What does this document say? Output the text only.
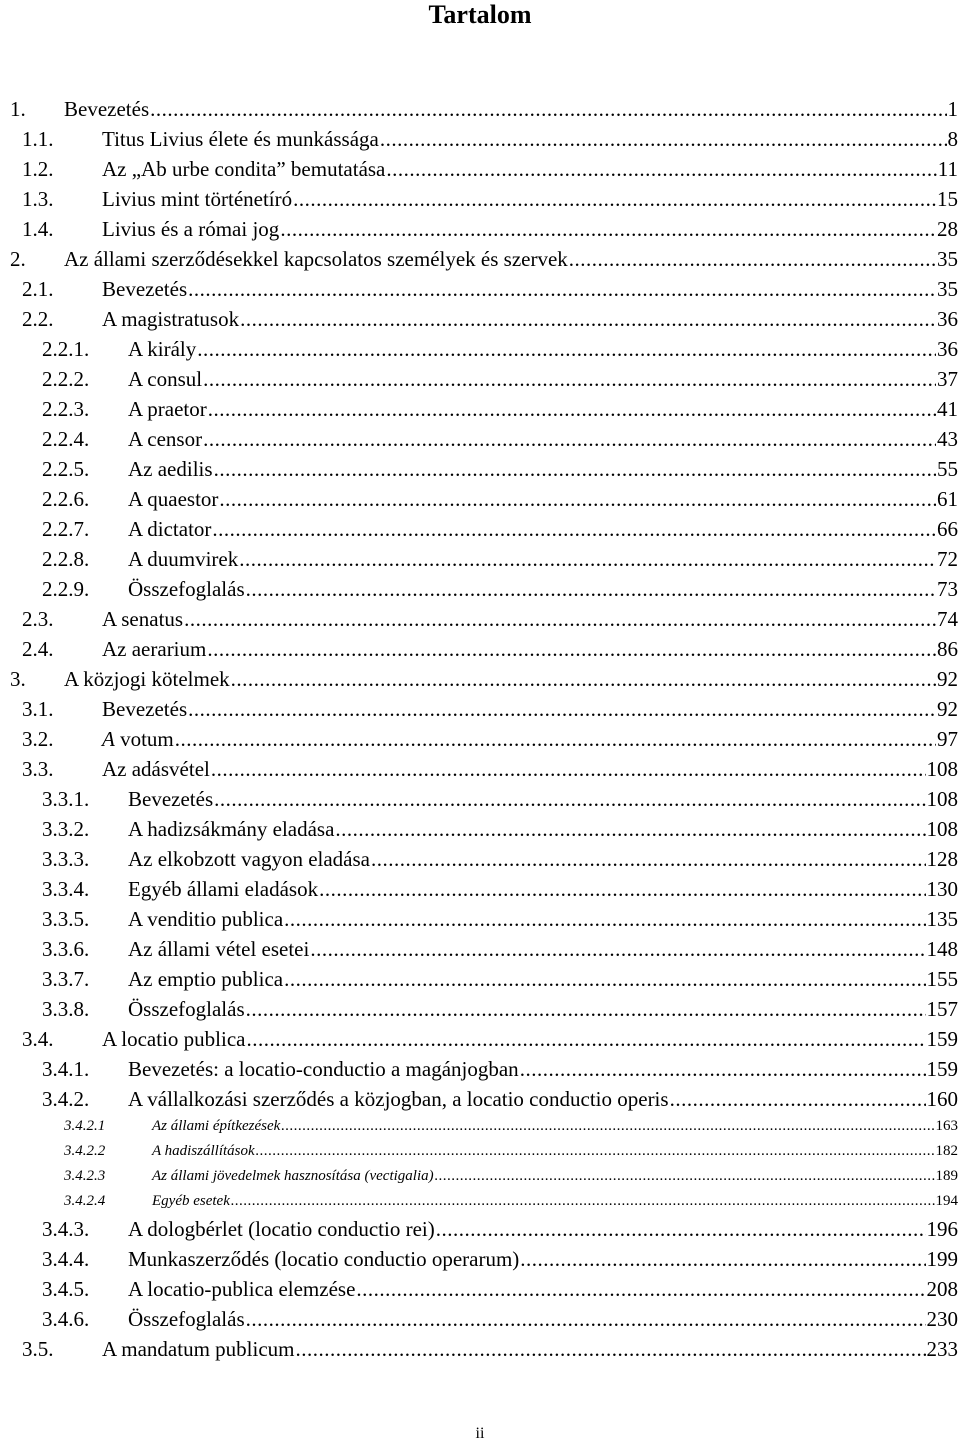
Tartalom
1.	Bevezetés .....	1
1.1.	Titus Livius élete és munkássága .....	8
1.2.	Az „Ab urbe condita” bemutatása .....	11
1.3.	Livius mint történetíró .....	15
1.4.	Livius és a római jog .....	28
2.	Az állami szerződésekkel kapcsolatos személyek és szervek .....	35
2.1.	Bevezetés .....	35
2.2.	A magistratusok .....	36
2.2.1.	A király .....	36
2.2.2.	A consul .....	37
2.2.3.	A praetor .....	41
2.2.4.	A censor .....	43
2.2.5.	Az aedilis .....	55
2.2.6.	A quaestor .....	61
2.2.7.	A dictator .....	66
2.2.8.	A duumvirek .....	72
2.2.9.	Összefoglalás .....	73
2.3.	A senatus .....	74
2.4.	Az aerarium .....	86
3.	A közjogi kötelmek .....	92
3.1.	Bevezetés .....	92
3.2.	A votum .....	97
3.3.	Az adásvétel .....	108
3.3.1.	Bevezetés .....	108
3.3.2.	A hadizsákmány eladása .....	108
3.3.3.	Az elkobzott vagyon eladása .....	128
3.3.4.	Egyéb állami eladások .....	130
3.3.5.	A venditio publica .....	135
3.3.6.	Az állami vétel esetei .....	148
3.3.7.	Az emptio publica .....	155
3.3.8.	Összefoglalás .....	157
3.4.	A locatio publica .....	159
3.4.1.	Bevezetés: a locatio-conductio a magánjogban .....	159
3.4.2.	A vállalkozási szerződés a közjogban, a locatio conductio operis .....	160
3.4.2.1	Az állami építkezések .....	163
3.4.2.2	A hadiszállítások .....	182
3.4.2.3	Az állami jövedelmek hasznosítása (vectigalia) .....	189
3.4.2.4	Egyéb esetek .....	194
3.4.3.	A dologbérlet (locatio conductio rei) .....	196
3.4.4.	Munkaszerződés (locatio conductio operarum) .....	199
3.4.5.	A locatio-publica elemzése .....	208
3.4.6.	Összefoglalás .....	230
3.5.	A mandatum publicum .....	233
ii
